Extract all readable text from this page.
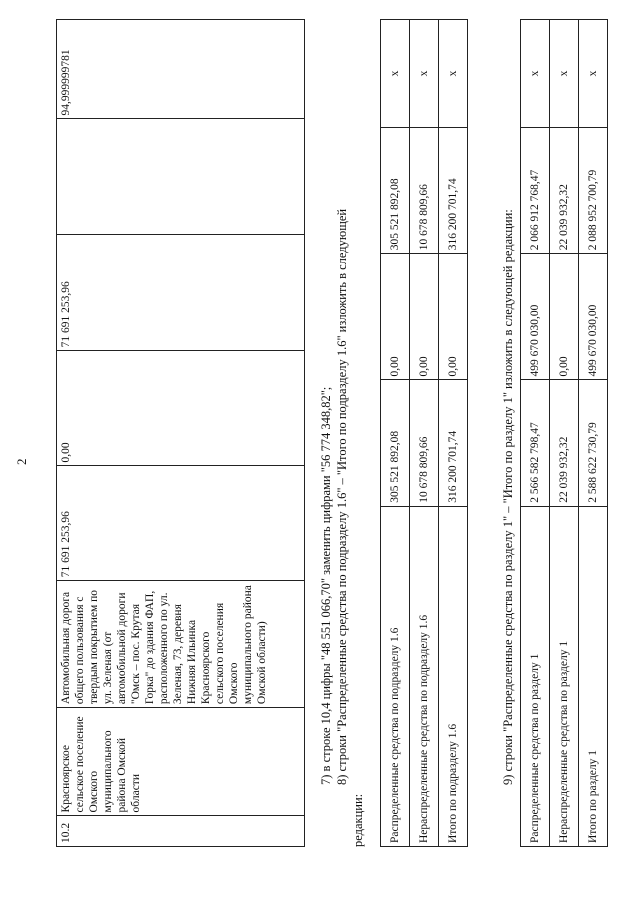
2
10.2	Красноярское сельское поселение Омского муниципального района Омской области	Автомобильная дорога общего пользования с твердым покрытием по ул. Зеленая (от автомобильной дороги "Омск – пос. Крутая Горка" до здания ФАП, расположенного по ул. Зеленая, 73, деревня Нижняя Ильинка Красноярского сельского поселения Омского муниципального района Омской области)	71 691 253,96	0,00	71 691 253,96		94,999999781
7) в строке 10,4 цифры "48 551 066,70" заменить цифрами "56 774 348,82"; 8) строки "Распределенные средства по подразделу 1.6" – "Итого по подразделу 1.6" изложить в следующей
редакции: Распределенные средства по подразделу 1.6	305 521 892,08	0,00	305 521 892,08	x
Нераспределенные средства по подразделу 1.6	10 678 809,66	0,00	10 678 809,66	x
Итого по подразделу 1.6	316 200 701,74	0,00	316 200 701,74	x
9) строки "Распределенные средства по разделу 1" – "Итого по разделу 1" изложить в следующей редакции: Распределенные средства по разделу 1	2 566 582 798,47	499 670 030,00	2 066 912 768,47	x
Нераспределенные средства по разделу 1	22 039 932,32	0,00	22 039 932,32	x
Итого по разделу 1	2 588 622 730,79	499 670 030,00	2 088 952 700,79	x
